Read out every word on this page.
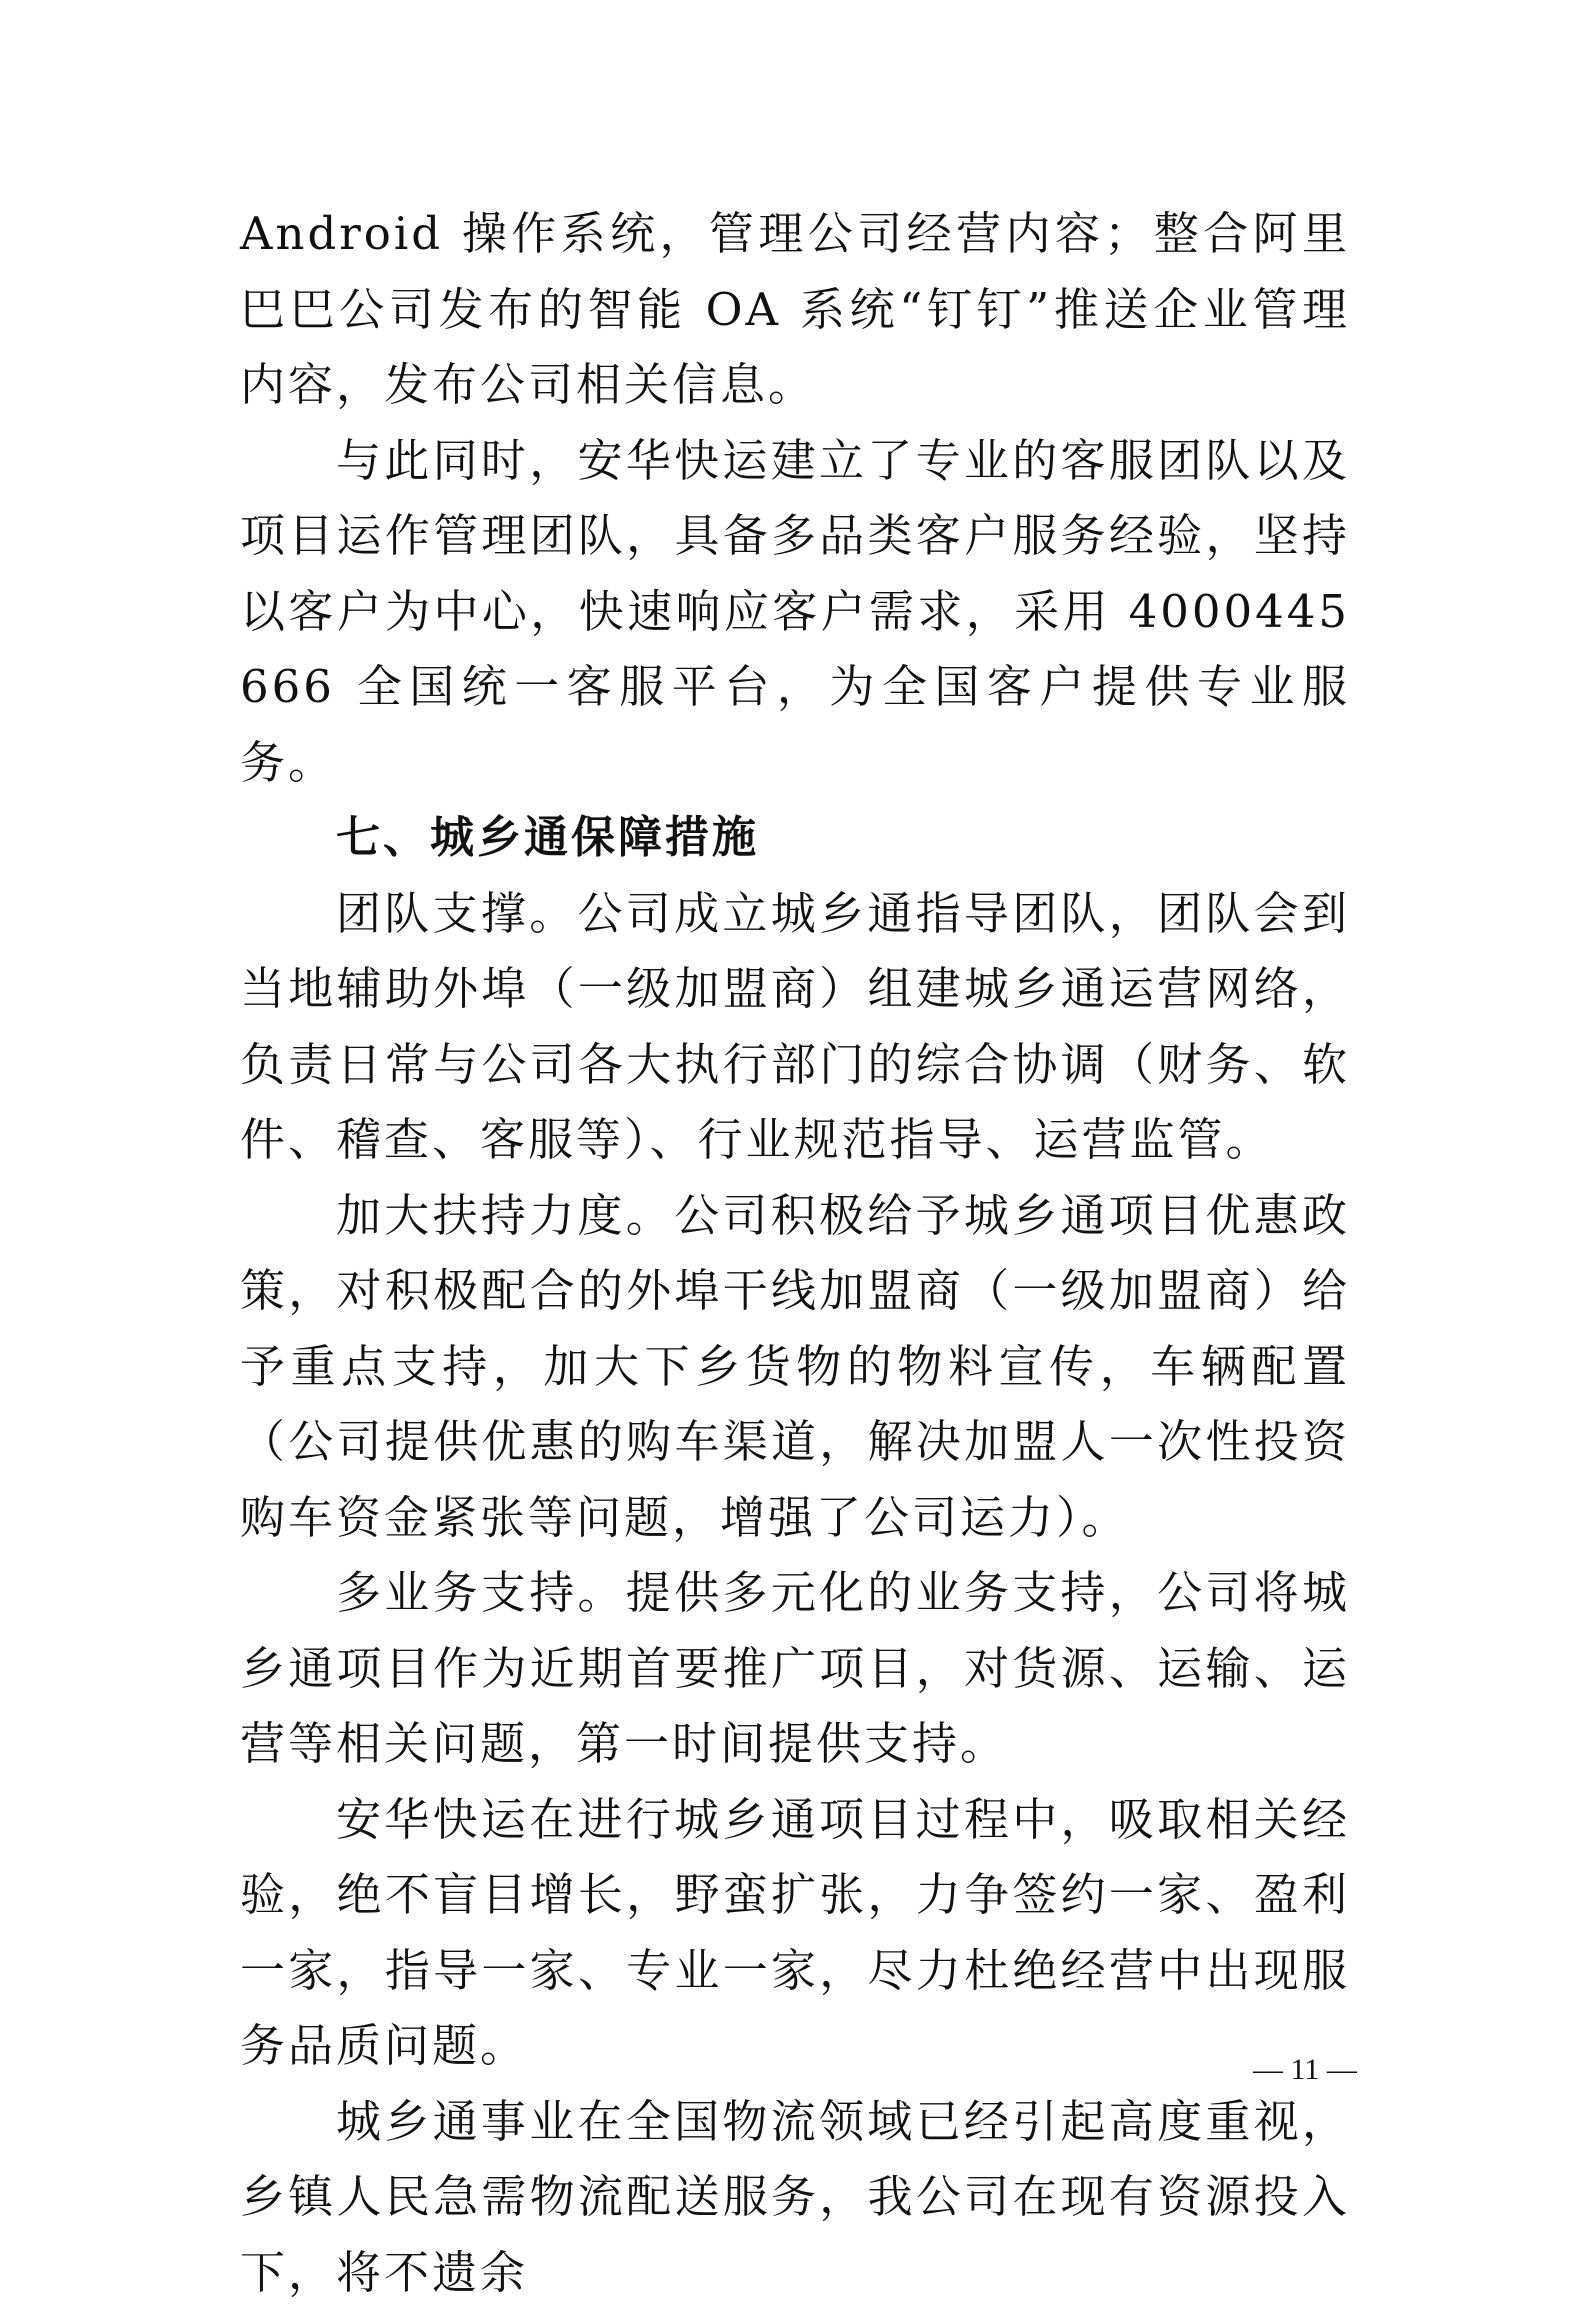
Android 操作系统，管理公司经营内容；整合阿里巴巴公司发布的智能 OA 系统“钉钉”推送企业管理内容，发布公司相关信息。

与此同时，安华快运建立了专业的客服团队以及项目运作管理团队，具备多品类客户服务经验，坚持以客户为中心，快速响应客户需求，采用 4000445666 全国统一客服平台，为全国客户提供专业服务。

七、城乡通保障措施

团队支撑。公司成立城乡通指导团队，团队会到当地辅助外埠（一级加盟商）组建城乡通运营网络，负责日常与公司各大执行部门的综合协调（财务、软件、稽查、客服等）、行业规范指导、运营监管。

加大扶持力度。公司积极给予城乡通项目优惠政策，对积极配合的外埠干线加盟商（一级加盟商）给予重点支持，加大下乡货物的物料宣传，车辆配置（公司提供优惠的购车渠道，解决加盟人一次性投资购车资金紧张等问题，增强了公司运力）。

多业务支持。提供多元化的业务支持，公司将城乡通项目作为近期首要推广项目，对货源、运输、运营等相关问题，第一时间提供支持。

安华快运在进行城乡通项目过程中，吸取相关经验，绝不盲目增长，野蛮扩张，力争签约一家、盈利一家，指导一家、专业一家，尽力杜绝经营中出现服务品质问题。

城乡通事业在全国物流领域已经引起高度重视，乡镇人民急需物流配送服务，我公司在现有资源投入下，将不遗余

— 11 —
